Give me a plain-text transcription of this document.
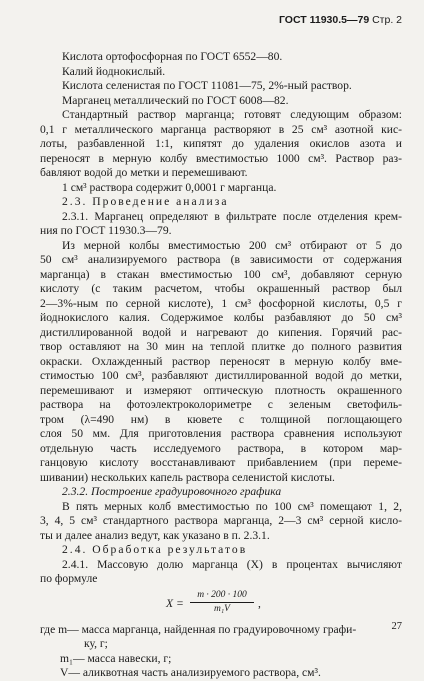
ГОСТ 11930.5—79 Стр. 2
Кислота ортофосфорная по ГОСТ 6552—80.
Калий йоднокислый.
Кислота селенистая по ГОСТ 11081—75, 2%-ный раствор.
Марганец металлический по ГОСТ 6008—82.
Стандартный раствор марганца; готовят следующим образом:
0,1 г металлического марганца растворяют в 25 см³ азотной кис-
лоты, разбавленной 1:1, кипятят до удаления окислов азота и
переносят в мерную колбу вместимостью 1000 см³. Раствор раз-
бавляют водой до метки и перемешивают.
1 см³ раствора содержит 0,0001 г марганца.
2.3. Проведение анализа
2.3.1. Марганец определяют в фильтрате после отделения крем-
ния по ГОСТ 11930.3—79.
Из мерной колбы вместимостью 200 см³ отбирают от 5 до
50 см³ анализируемого раствора (в зависимости от содержания
марганца) в стакан вместимостью 100 см³, добавляют серную
кислоту (с таким расчетом, чтобы окрашенный раствор был
2—3%-ным по серной кислоте), 1 см³ фосфорной кислоты, 0,5 г
йоднокислого калия. Содержимое колбы разбавляют до 50 см³
дистиллированной водой и нагревают до кипения. Горячий рас-
твор оставляют на 30 мин на теплой плитке до полного развития
окраски. Охлажденный раствор переносят в мерную колбу вме-
стимостью 100 см³, разбавляют дистиллированной водой до метки,
перемешивают и измеряют оптическую плотность окрашенного
раствора на фотоэлектроколориметре с зеленым светофиль-
тром (λ=490 нм) в кювете с толщиной поглощающего
слоя 50 мм. Для приготовления раствора сравнения используют
отдельную часть исследуемого раствора, в котором мар-
ганцовую кислоту восстанавливают прибавлением (при переме-
шивании) нескольких капель раствора селенистой кислоты.
2.3.2. Построение градуировочного графика
В пять мерных колб вместимостью по 100 см³ помещают 1, 2,
3, 4, 5 см³ стандартного раствора марганца, 2—3 см³ серной кисло-
ты и далее анализ ведут, как указано в п. 2.3.1.
2.4. Обработка результатов
2.4.1. Массовую долю марганца (X) в процентах вычисляют
по формуле
$X = \frac{m \cdot 200 \cdot 100}{\text{m₁V}}$ ,
где m— масса марганца, найденная по градуировочному графи-
ку, г;
m₁— масса навески, г;
V— аликвотная часть анализируемого раствора, см³.
27
